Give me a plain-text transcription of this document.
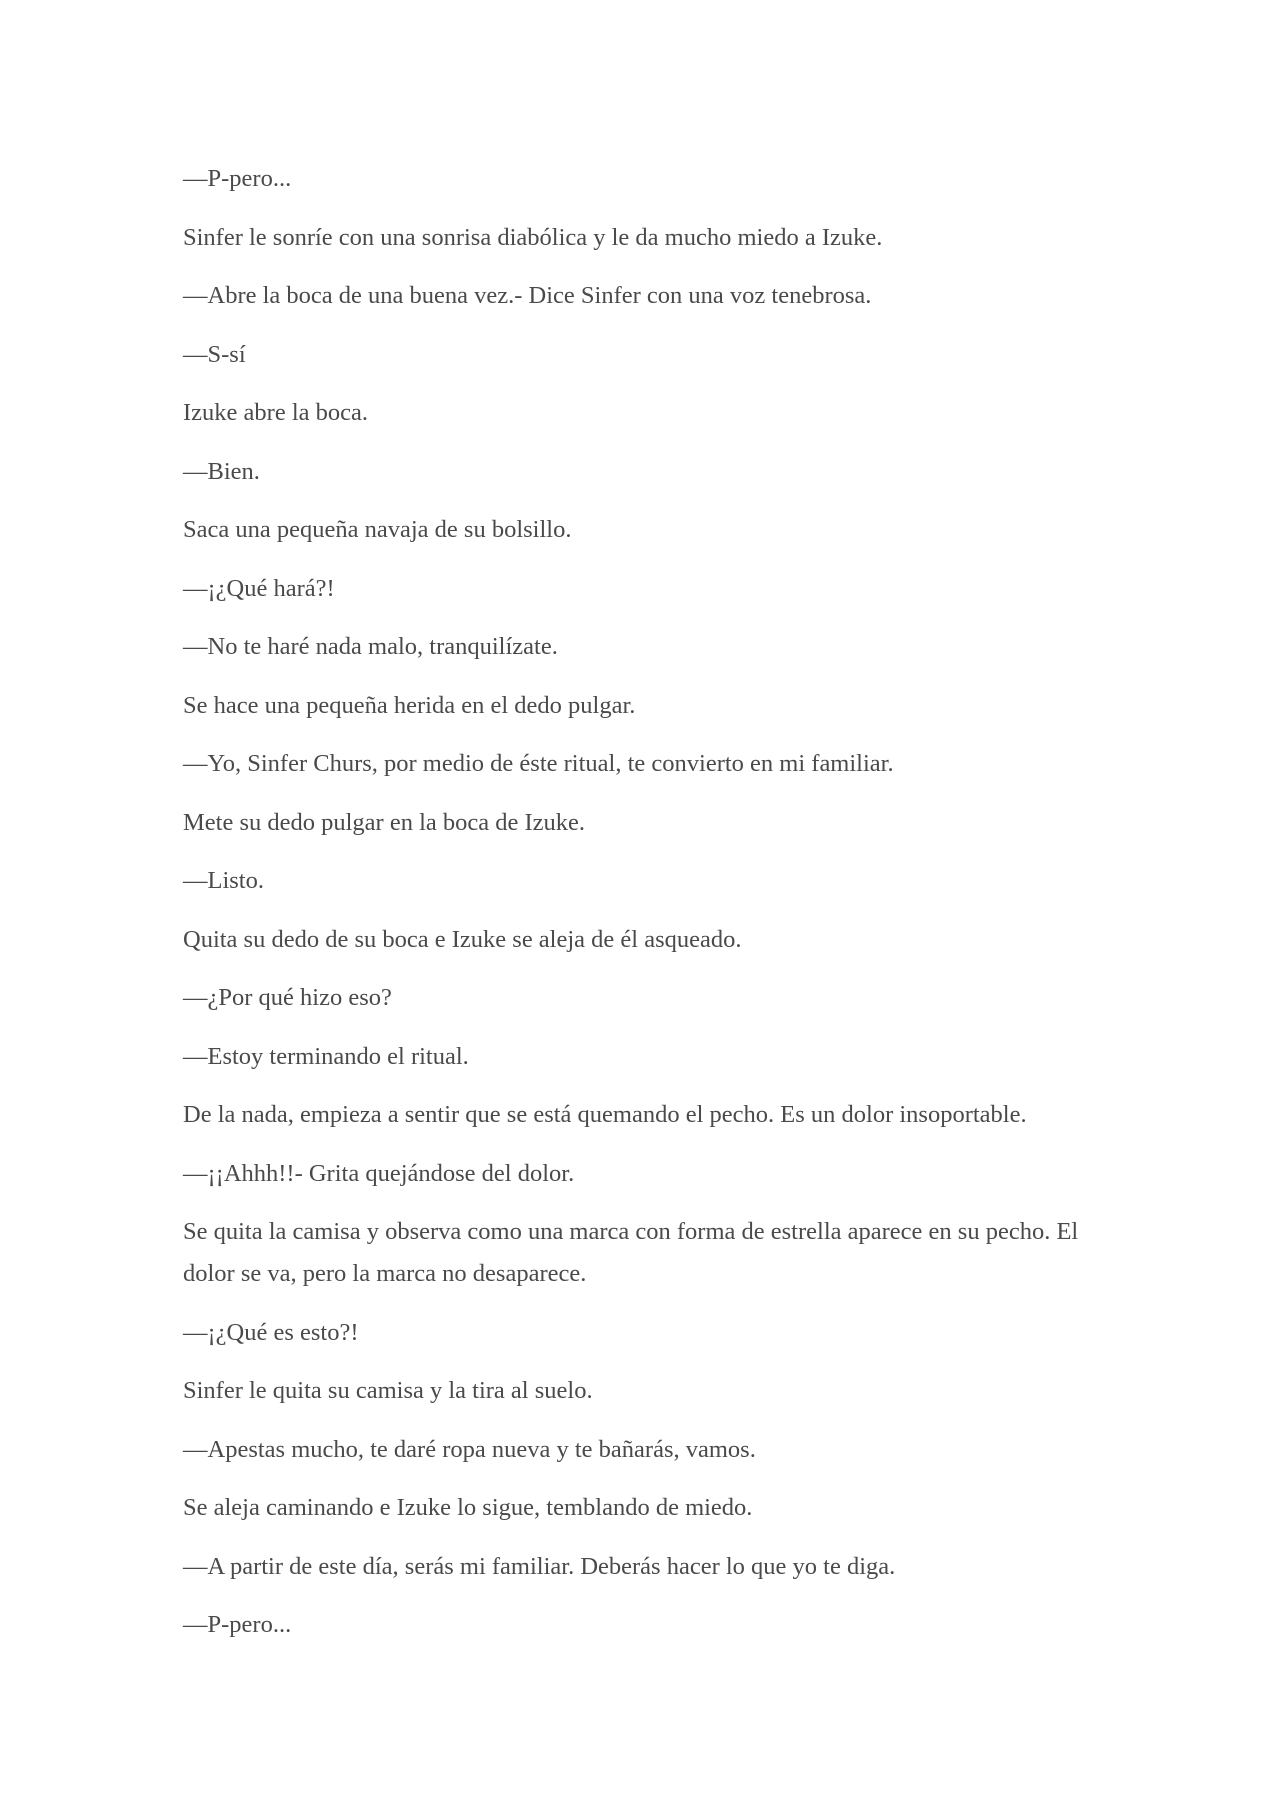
—P-pero...

Sinfer le sonríe con una sonrisa diabólica y le da mucho miedo a Izuke.

—Abre la boca de una buena vez.- Dice Sinfer con una voz tenebrosa.

—S-sí

Izuke abre la boca.

—Bien.

Saca una pequeña navaja de su bolsillo.

—¡¿Qué hará?!

—No te haré nada malo, tranquilízate.

Se hace una pequeña herida en el dedo pulgar.

—Yo, Sinfer Churs, por medio de éste ritual, te convierto en mi familiar.

Mete su dedo pulgar en la boca de Izuke.

—Listo.

Quita su dedo de su boca e Izuke se aleja de él asqueado.

—¿Por qué hizo eso?

—Estoy terminando el ritual.

De la nada, empieza a sentir que se está quemando el pecho. Es un dolor insoportable.

—¡¡Ahhh!!- Grita quejándose del dolor.

Se quita la camisa y observa como una marca con forma de estrella aparece en su pecho. El dolor se va, pero la marca no desaparece.

—¡¿Qué es esto?!

Sinfer le quita su camisa y la tira al suelo.

—Apestas mucho, te daré ropa nueva y te bañarás, vamos.

Se aleja caminando e Izuke lo sigue, temblando de miedo.

—A partir de este día, serás mi familiar. Deberás hacer lo que yo te diga.

—P-pero...
